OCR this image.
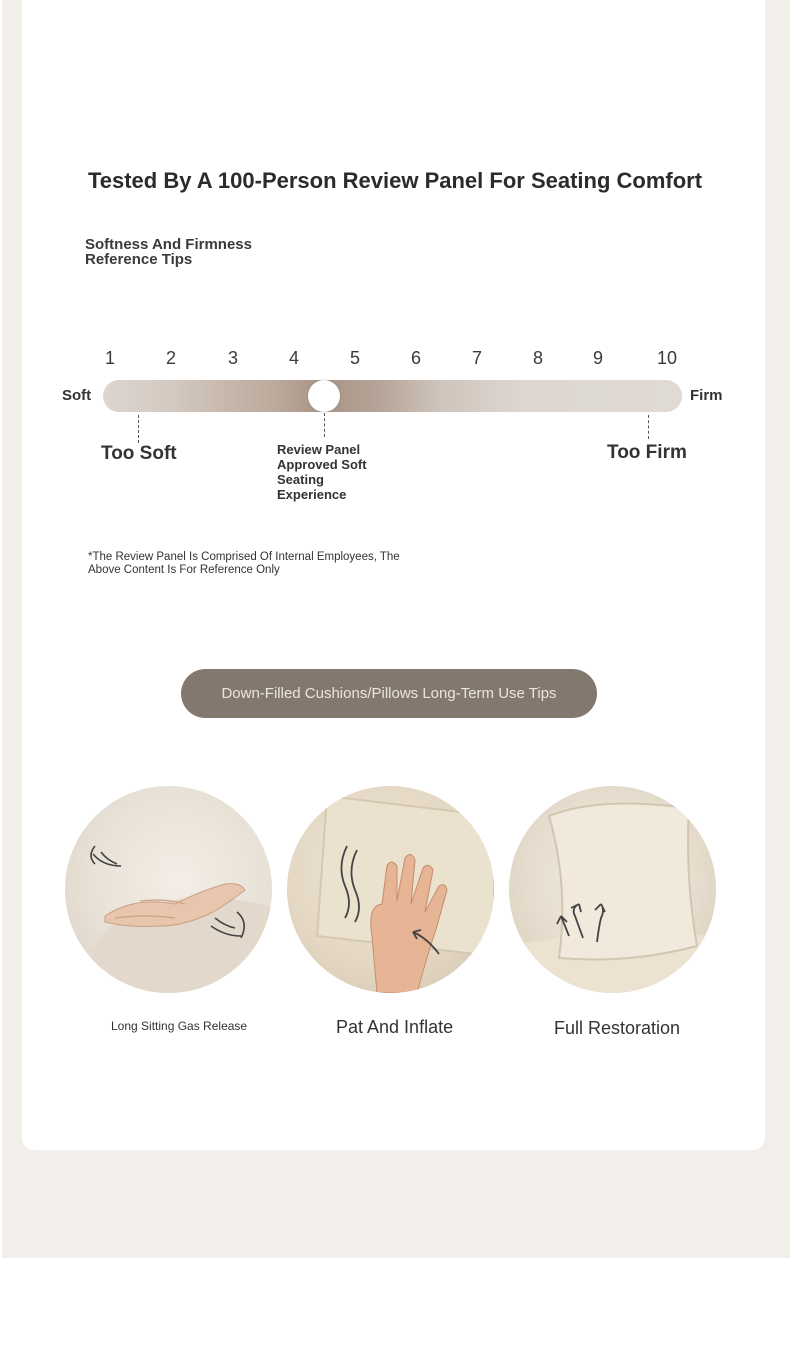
Tested By A 100-Person Review Panel For Seating Comfort
Softness And Firmness Reference Tips
1	2	3	4	5	6	7	8	9	10
Soft	Firm
Too Soft	Review Panel Approved Soft Seating Experience
Too Firm
*The Review Panel Is Comprised Of Internal Employees, The Above Content Is For Reference Only
Down-Filled Cushions/Pillows Long-Term Use Tips
Long Sitting Gas Release	Pat And Inflate	Full Restoration
